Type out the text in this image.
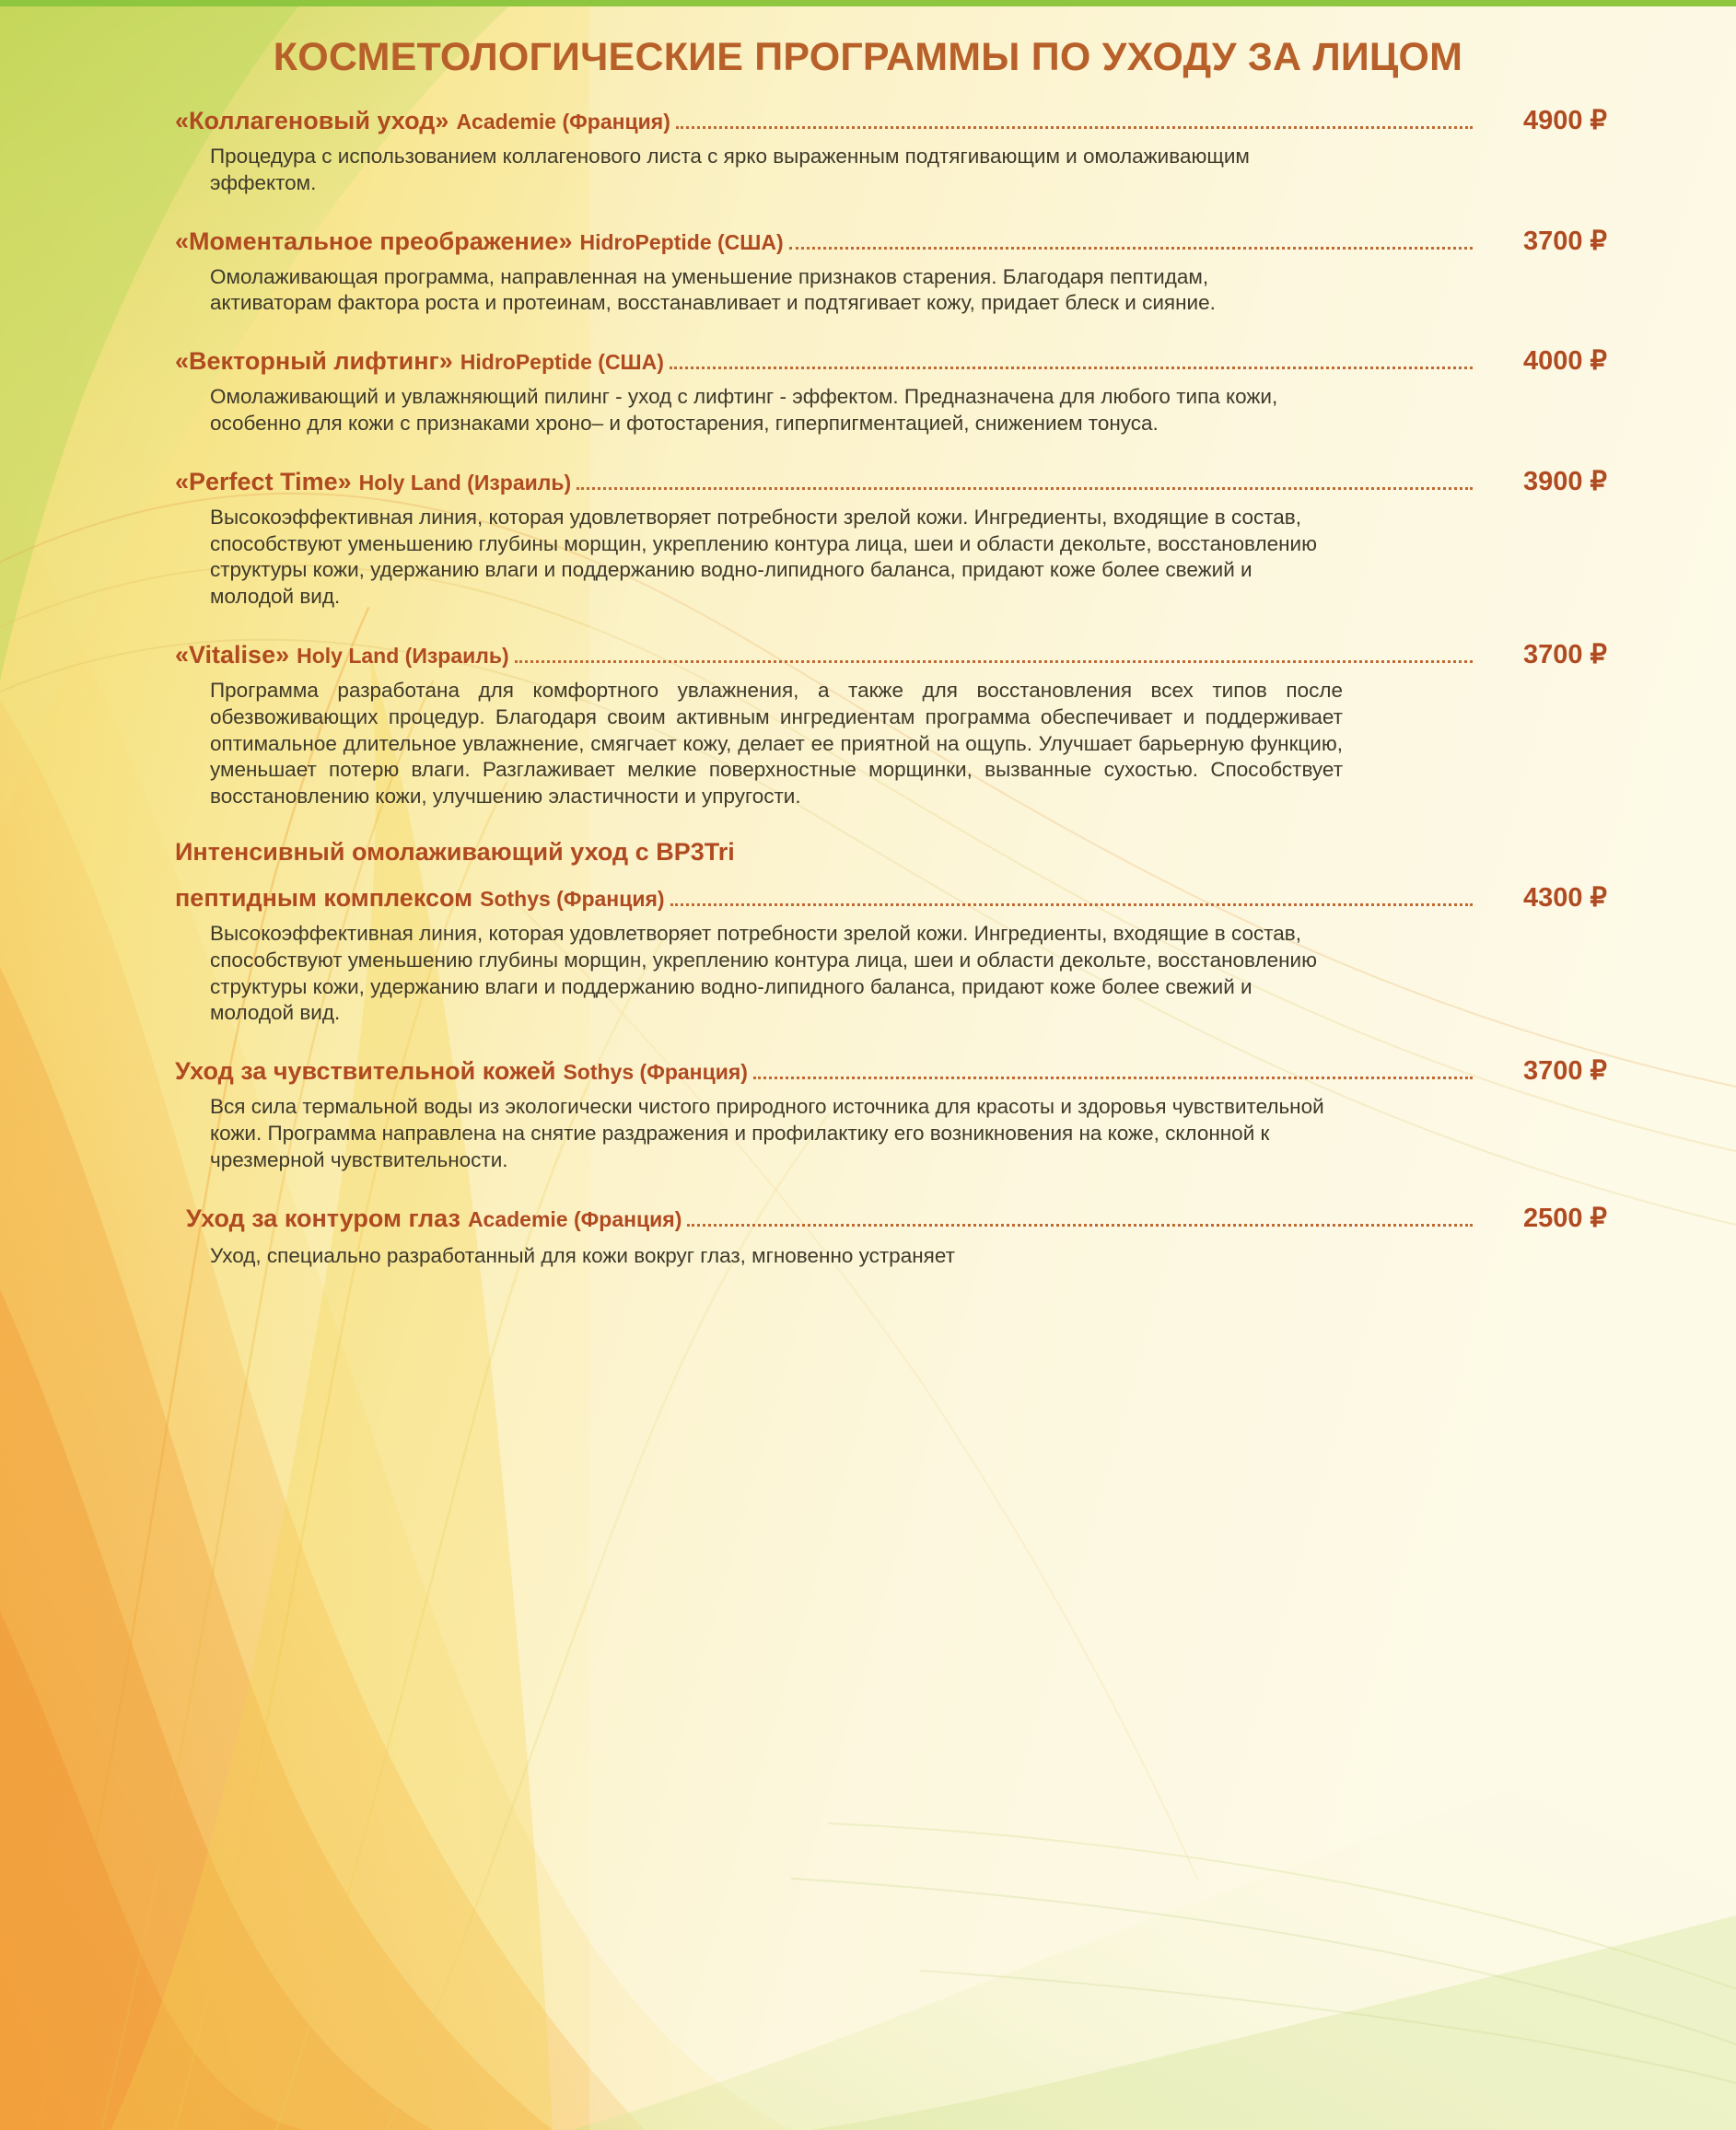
КОСМЕТОЛОГИЧЕСКИЕ ПРОГРАММЫ ПО УХОДУ ЗА ЛИЦОМ
«Коллагеновый уход» Academie (Франция)	4900 ₽
Процедура с использованием коллагенового листа с ярко выраженным подтягивающим и омолаживающим эффектом.
«Моментальное преображение» HidroPeptide (США)	3700 ₽
Омолаживающая программа, направленная на уменьшение признаков старения. Благодаря пептидам, активаторам фактора роста и протеинам, восстанавливает и подтягивает кожу, придает блеск и сияние.
«Векторный лифтинг» HidroPeptide (США)	4000 ₽
Омолаживающий и увлажняющий пилинг - уход с лифтинг - эффектом. Предназначена для любого типа кожи, особенно для кожи с признаками хроно– и фотостарения, гиперпигментацией, снижением тонуса.
«Perfect Time» Holy Land (Израиль)	3900 ₽
Высокоэффективная линия, которая удовлетворяет потребности зрелой кожи. Ингредиенты, входящие в состав, способствуют уменьшению глубины морщин, укреплению контура лица, шеи и области декольте, восстановлению структуры кожи, удержанию влаги и поддержанию водно-липидного баланса, придают коже более свежий и молодой вид.
«Vitalise» Holy Land (Израиль)	3700 ₽
Программа разработана для комфортного увлажнения, а также для восстановления всех типов после обезвоживающих процедур. Благодаря своим активным ингредиентам программа обеспечивает и поддерживает оптимальное длительное увлажнение, смягчает кожу, делает ее приятной на ощупь. Улучшает барьерную функцию, уменьшает потерю влаги. Разглаживает мелкие поверхностные морщинки, вызванные сухостью. Способствует восстановлению кожи, улучшению эластичности и упругости.
Интенсивный омолаживающий уход с BP3Tri
пептидным комплексом Sothys (Франция)	4300 ₽
Высокоэффективная линия, которая удовлетворяет потребности зрелой кожи. Ингредиенты, входящие в состав, способствуют уменьшению глубины морщин, укреплению контура лица, шеи и области декольте, восстановлению структуры кожи, удержанию влаги и поддержанию водно-липидного баланса, придают коже более свежий и молодой вид.
Уход за чувствительной кожей Sothys (Франция)	3700 ₽
Вся сила термальной воды из экологически чистого природного источника для красоты и здоровья чувствительной кожи. Программа направлена на снятие раздражения и профилактику его возникновения на коже, склонной к чрезмерной чувствительности.
Уход за контуром глаз Academie (Франция)	2500 ₽
Уход, специально разработанный для кожи вокруг глаз, мгновенно устраняет
